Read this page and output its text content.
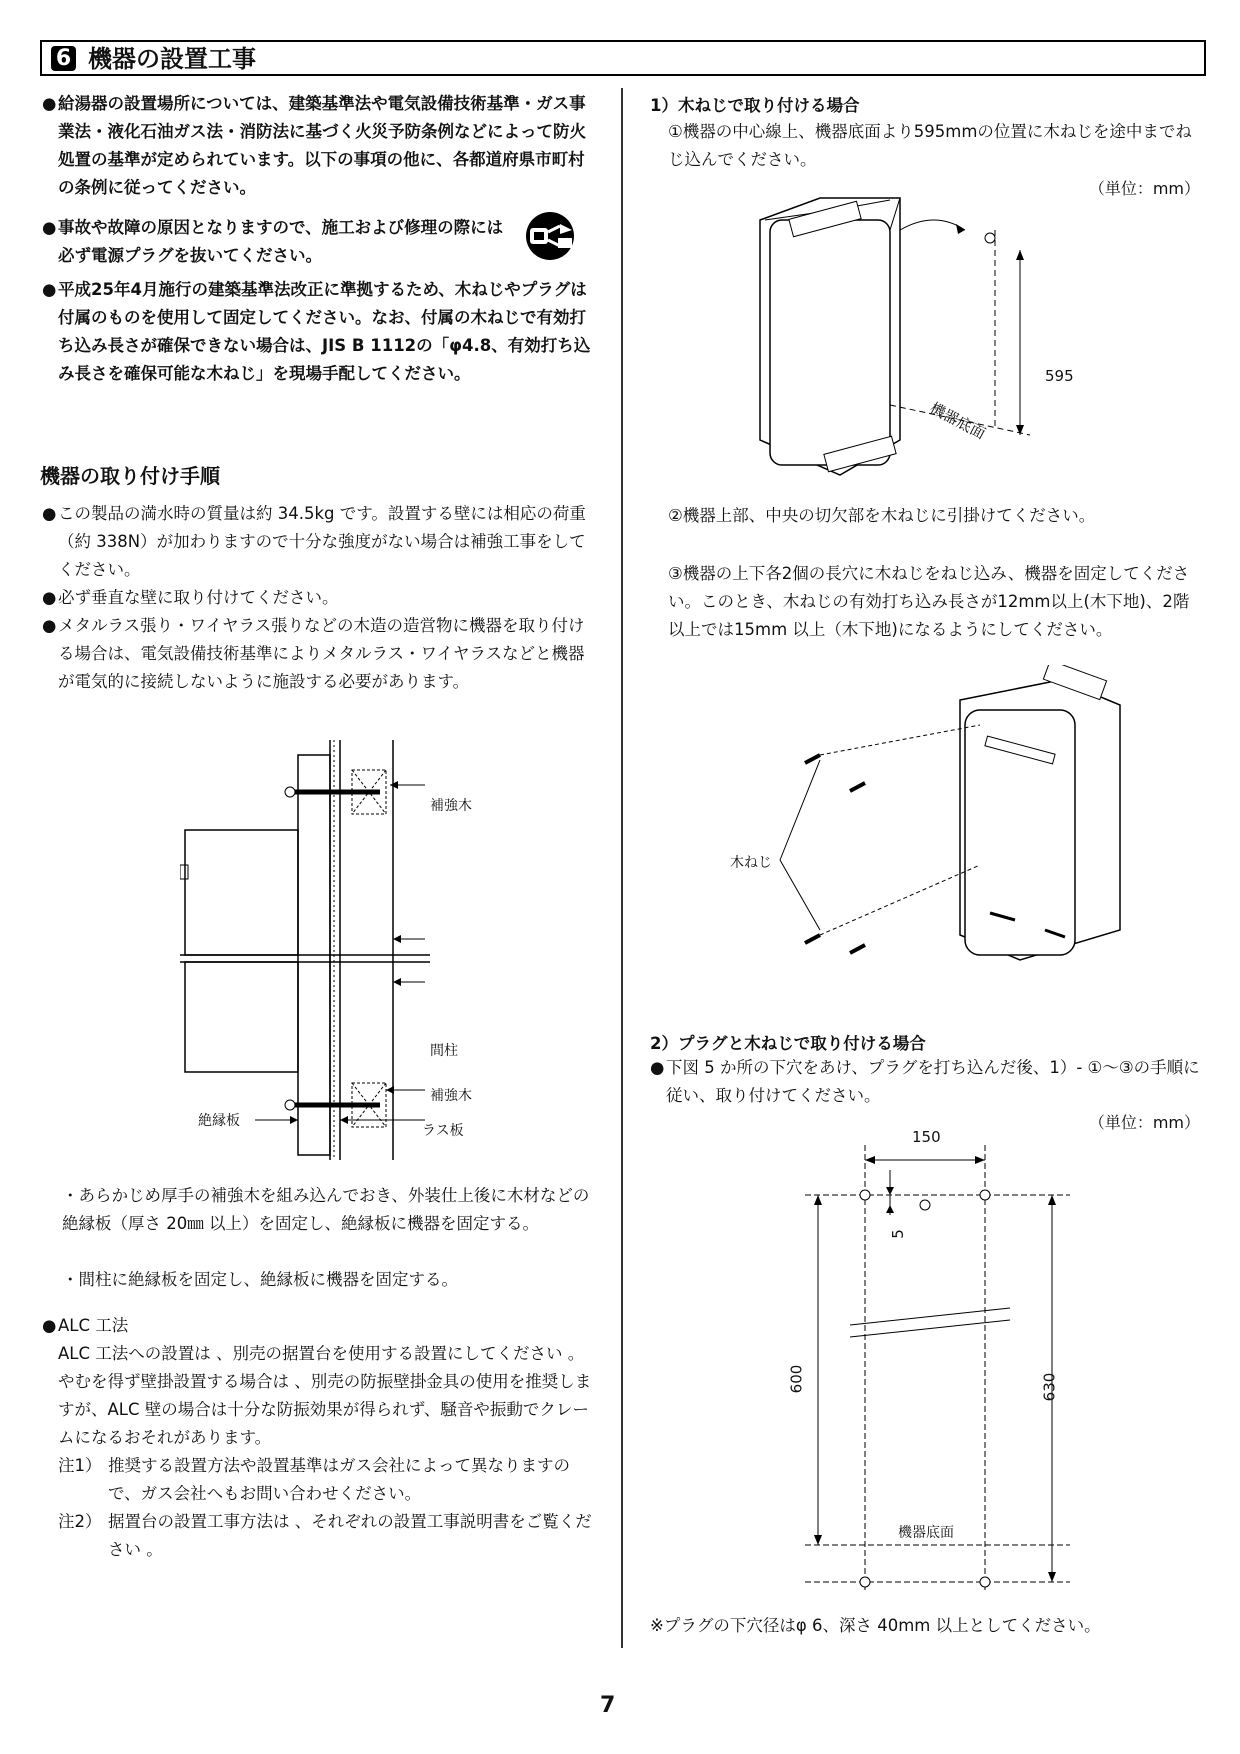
6 機器の設置工事
● 給湯器の設置場所については、建築基準法や電気設備技術基準・ガス事業法・液化石油ガス法・消防法に基づく火災予防条例などによって防火処置の基準が定められています。以下の事項の他に、各都道府県市町村の条例に従ってください。
● 事故や故障の原因となりますので、施工および修理の際には必ず電源プラグを抜いてください。
● 平成25年4月施行の建築基準法改正に準拠するため、木ねじやプラグは付属のものを使用して固定してください。なお、付属の木ねじで有効打ち込み長さが確保できない場合は、JIS B 1112の「φ4.8、有効打ち込み長さを確保可能な木ねじ」を現場手配してください。
機器の取り付け手順
● この製品の満水時の質量は約 34.5kg です。設置する壁には相応の荷重（約 338N）が加わりますので十分な強度がない場合は補強工事をしてください。
● 必ず垂直な壁に取り付けてください。
● メタルラス張り・ワイヤラス張りなどの木造の造営物に機器を取り付ける場合は、電気設備技術基準によりメタルラス・ワイヤラスなどと機器が電気的に接続しないように施設する必要があります。
補強木
間柱
補強木
絶縁板
ラス板
・あらかじめ厚手の補強木を組み込んでおき、外装仕上後に木材などの絶縁板（厚さ 20㎜ 以上）を固定し、絶縁板に機器を固定する。
・間柱に絶縁板を固定し、絶縁板に機器を固定する。
● ALC 工法
ALC 工法への設置は 、別売の据置台を使用する設置にしてください 。やむを得ず壁掛設置する場合は 、別売の防振壁掛金具の使用を推奨しますが、ALC 壁の場合は十分な防振効果が得られず、騒音や振動でクレームになるおそれがあります。
注1） 推奨する設置方法や設置基準はガス会社によって異なりますので、ガス会社へもお問い合わせください。
注2） 据置台の設置工事方法は 、それぞれの設置工事説明書をご覧ください 。
1）木ねじで取り付ける場合
①機器の中心線上、機器底面より595mmの位置に木ねじを途中までねじ込んでください。
（単位：mm）
595
機器底面
②機器上部、中央の切欠部を木ねじに引掛けてください。
③機器の上下各2個の長穴に木ねじをねじ込み、機器を固定してください。このとき、木ねじの有効打ち込み長さが12mm以上(木下地)、2階以上では15mm 以上（木下地)になるようにしてください。
木ねじ
2）プラグと木ねじで取り付ける場合
● 下図 5 か所の下穴をあけ、プラグを打ち込んだ後、1）- ①～③の手順に従い、取り付けてください。
（単位：mm）
150
5
600	630
機器底面
※プラグの下穴径はφ 6、深さ 40mm 以上としてください。
7
